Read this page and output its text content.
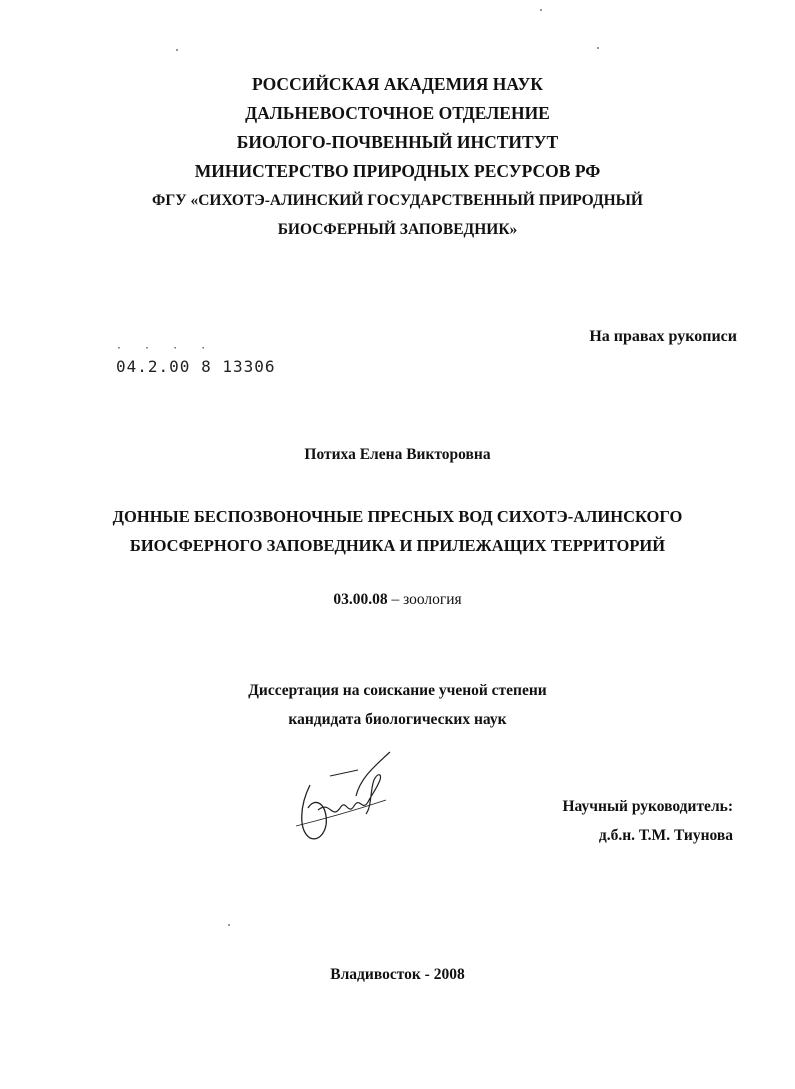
РОССИЙСКАЯ АКАДЕМИЯ НАУК
ДАЛЬНЕВОСТОЧНОЕ ОТДЕЛЕНИЕ
БИОЛОГО-ПОЧВЕННЫЙ ИНСТИТУТ
МИНИСТЕРСТВО ПРИРОДНЫХ РЕСУРСОВ РФ
ФГУ «СИХОТЭ-АЛИНСКИЙ ГОСУДАРСТВЕННЫЙ ПРИРОДНЫЙ
БИОСФЕРНЫЙ ЗАПОВЕДНИК»
На правах рукописи
· · · ·
04.2.00 8 13306
Потиха Елена Викторовна
ДОННЫЕ БЕСПОЗВОНОЧНЫЕ ПРЕСНЫХ ВОД СИХОТЭ-АЛИНСКОГО
БИОСФЕРНОГО ЗАПОВЕДНИКА И ПРИЛЕЖАЩИХ ТЕРРИТОРИЙ
03.00.08 – зоология
Диссертация на соискание ученой степени
кандидата биологических наук
Научный руководитель:
д.б.н. Т.М. Тиунова
Владивосток - 2008
